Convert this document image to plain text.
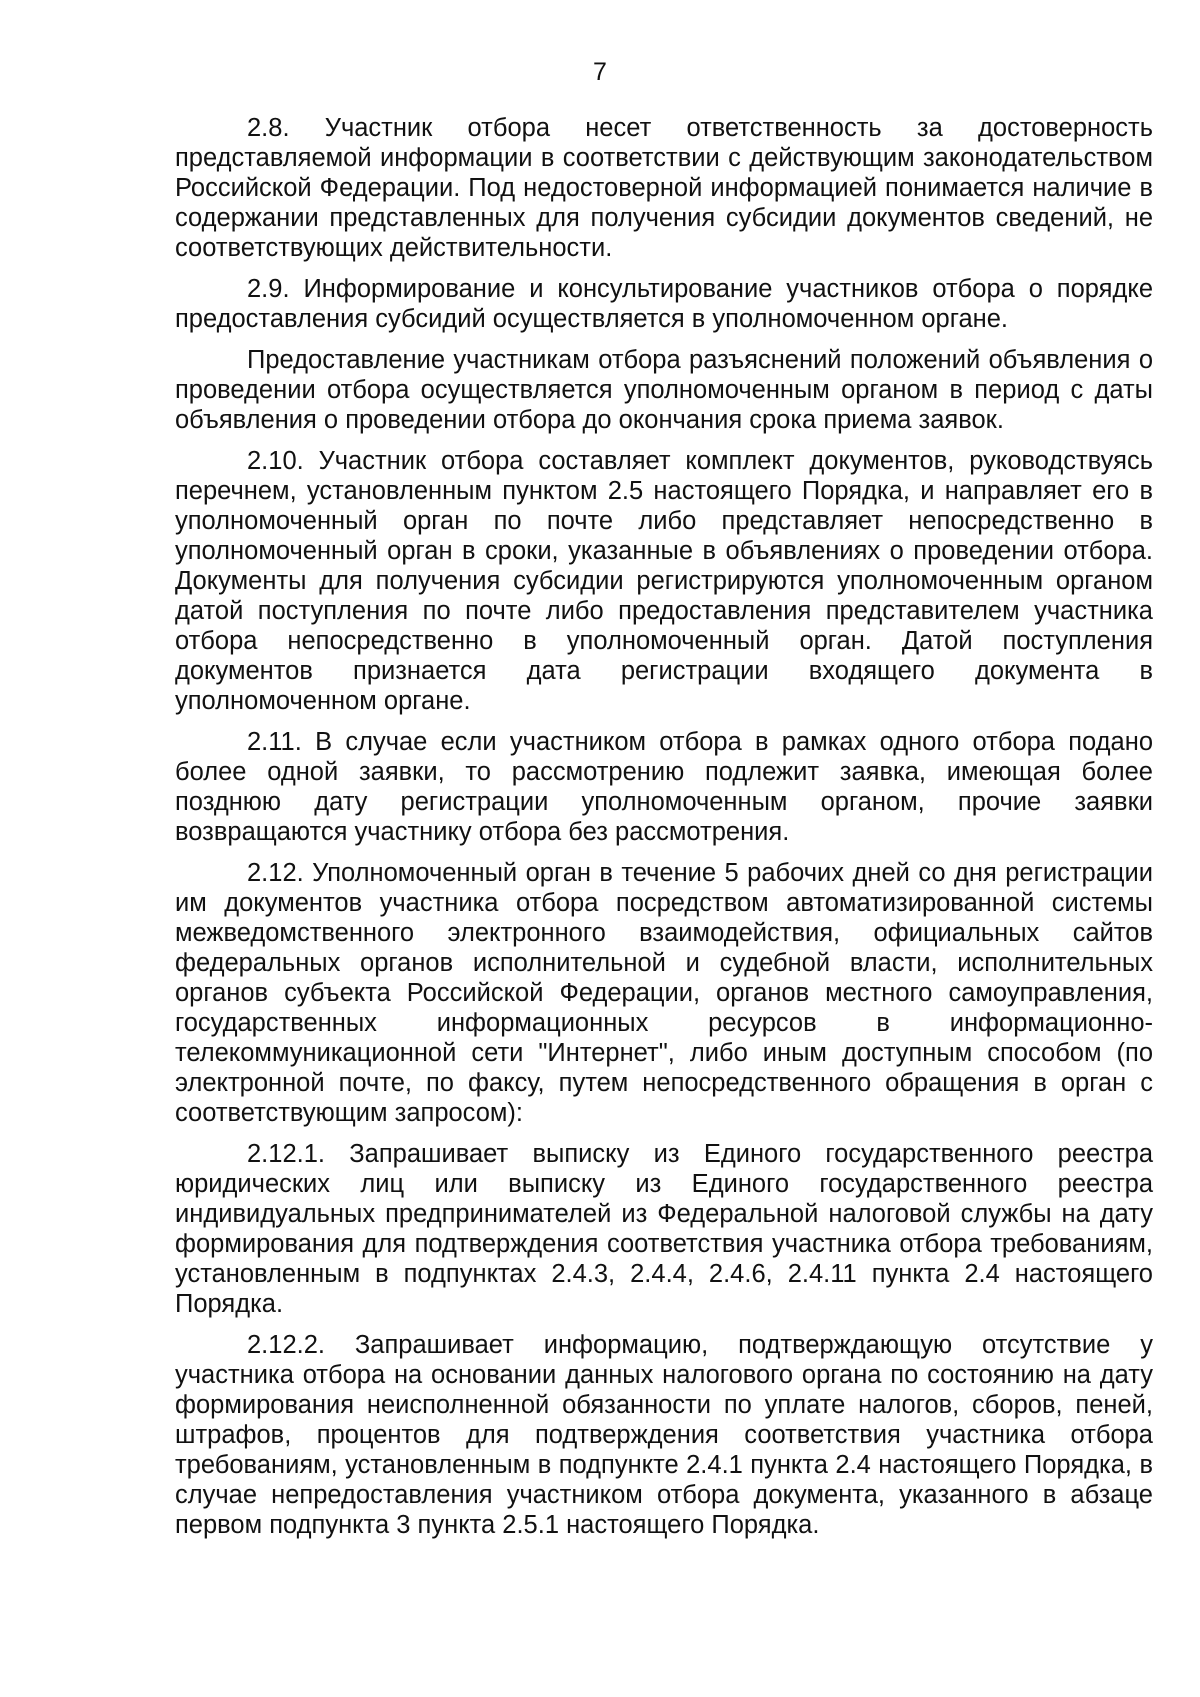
7

2.8. Участник отбора несет ответственность за достоверность представляемой информации в соответствии с действующим законодательством Российской Федерации. Под недостоверной информацией понимается наличие в содержании представленных для получения субсидии документов сведений, не соответствующих действительности.

2.9. Информирование и консультирование участников отбора о порядке предоставления субсидий осуществляется в уполномоченном органе.

Предоставление участникам отбора разъяснений положений объявления о проведении отбора осуществляется уполномоченным органом в период с даты объявления о проведении отбора до окончания срока приема заявок.

2.10. Участник отбора составляет комплект документов, руководствуясь перечнем, установленным пунктом 2.5 настоящего Порядка, и направляет его в уполномоченный орган по почте либо представляет непосредственно в уполномоченный орган в сроки, указанные в объявлениях о проведении отбора. Документы для получения субсидии регистрируются уполномоченным органом датой поступления по почте либо предоставления представителем участника отбора непосредственно в уполномоченный орган. Датой поступления документов признается дата регистрации входящего документа в уполномоченном органе.

2.11. В случае если участником отбора в рамках одного отбора подано более одной заявки, то рассмотрению подлежит заявка, имеющая более позднюю дату регистрации уполномоченным органом, прочие заявки возвращаются участнику отбора без рассмотрения.

2.12. Уполномоченный орган в течение 5 рабочих дней со дня регистрации им документов участника отбора посредством автоматизированной системы межведомственного электронного взаимодействия, официальных сайтов федеральных органов исполнительной и судебной власти, исполнительных органов субъекта Российской Федерации, органов местного самоуправления, государственных информационных ресурсов в информационно-телекоммуникационной сети "Интернет", либо иным доступным способом (по электронной почте, по факсу, путем непосредственного обращения в орган с соответствующим запросом):

2.12.1. Запрашивает выписку из Единого государственного реестра юридических лиц или выписку из Единого государственного реестра индивидуальных предпринимателей из Федеральной налоговой службы на дату формирования для подтверждения соответствия участника отбора требованиям, установленным в подпунктах 2.4.3, 2.4.4, 2.4.6, 2.4.11 пункта 2.4 настоящего Порядка.

2.12.2. Запрашивает информацию, подтверждающую отсутствие у участника отбора на основании данных налогового органа по состоянию на дату формирования неисполненной обязанности по уплате налогов, сборов, пеней, штрафов, процентов для подтверждения соответствия участника отбора требованиям, установленным в подпункте 2.4.1 пункта 2.4 настоящего Порядка, в случае непредоставления участником отбора документа, указанного в абзаце первом подпункта 3 пункта 2.5.1 настоящего Порядка.
